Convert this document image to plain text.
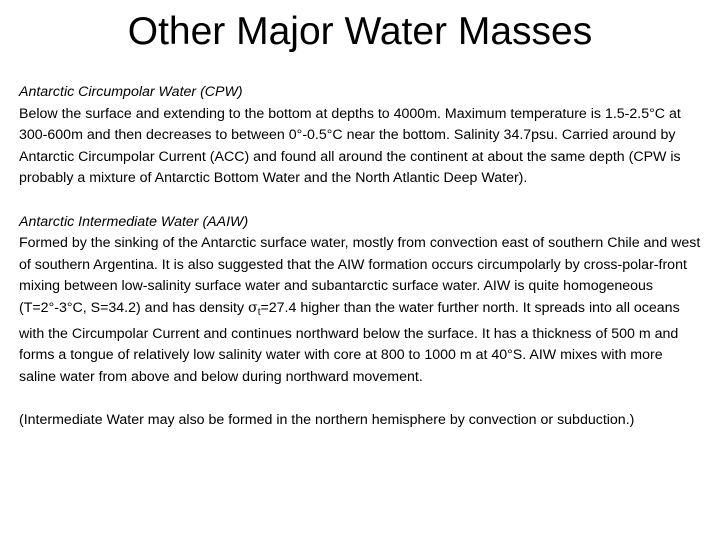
Other Major Water Masses
Antarctic Circumpolar Water (CPW)
Below the surface and extending to the bottom at depths to 4000m. Maximum temperature is 1.5-2.5°C at 300-600m and then decreases to between 0°-0.5°C near the bottom. Salinity 34.7psu. Carried around by Antarctic Circumpolar Current (ACC) and found all around the continent at about the same depth (CPW is probably a mixture of Antarctic Bottom Water and the North Atlantic Deep Water).
Antarctic Intermediate Water (AAIW)
Formed by the sinking of the Antarctic surface water, mostly from convection east of southern Chile and west of southern Argentina. It is also suggested that the AIW formation occurs circumpolarly by cross-polar-front mixing between low-salinity surface water and subantarctic surface water. AIW is quite homogeneous (T=2°-3°C, S=34.2) and has density $\sigma_t=27.4$ higher than the water further north. It spreads into all oceans with the Circumpolar Current and continues northward below the surface. It has a thickness of 500 m and forms a tongue of relatively low salinity water with core at 800 to 1000 m at 40°S. AIW mixes with more saline water from above and below during northward movement.
(Intermediate Water may also be formed in the northern hemisphere by convection or subduction.)
